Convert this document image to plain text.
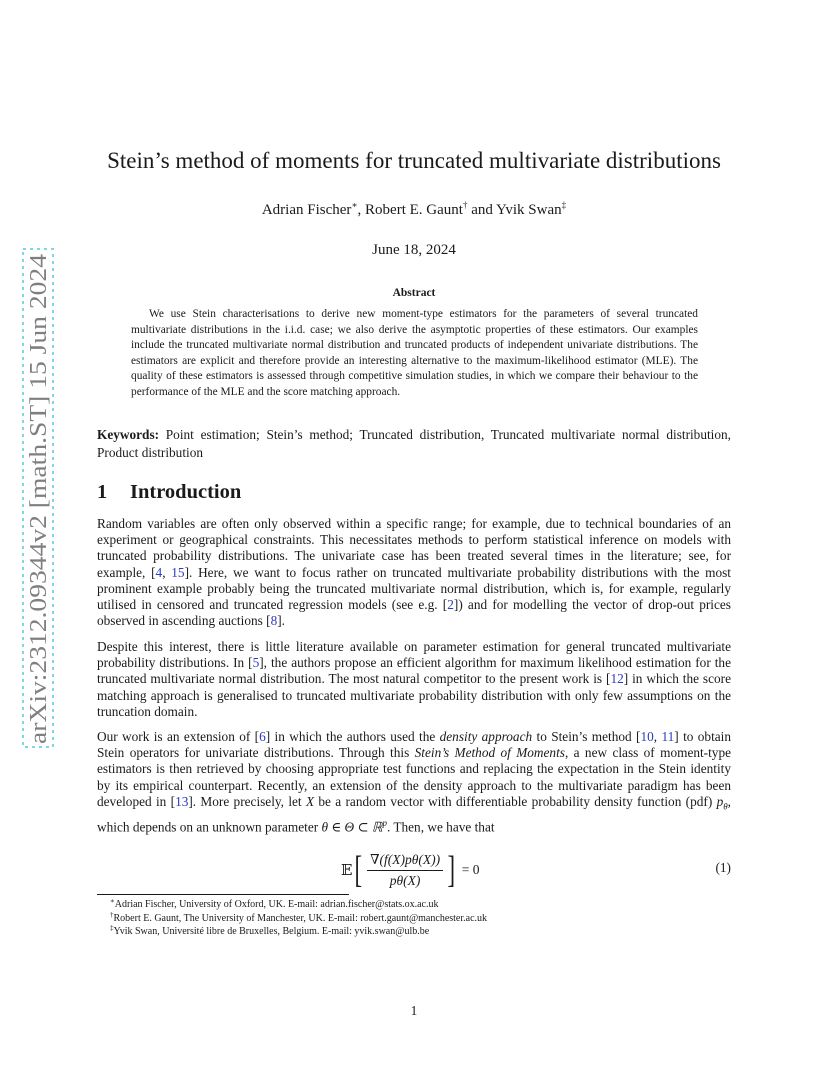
arXiv:2312.09344v2 [math.ST] 15 Jun 2024
Stein’s method of moments for truncated multivariate distributions
Adrian Fischer∗, Robert E. Gaunt† and Yvik Swan‡
June 18, 2024
Abstract
We use Stein characterisations to derive new moment-type estimators for the parameters of several truncated multivariate distributions in the i.i.d. case; we also derive the asymptotic properties of these estimators. Our examples include the truncated multivariate normal distribution and truncated products of independent univariate distributions. The estimators are explicit and therefore provide an interesting alternative to the maximum-likelihood estimator (MLE). The quality of these estimators is assessed through competitive simulation studies, in which we compare their behaviour to the performance of the MLE and the score matching approach.
Keywords: Point estimation; Stein’s method; Truncated distribution, Truncated multivariate normal distribution, Product distribution
1 Introduction

Random variables are often only observed within a specific range; for example, due to technical boundaries of an experiment or geographical constraints. This necessitates methods to perform statistical inference on models with truncated probability distributions. The univariate case has been treated several times in the literature; see, for example, [4, 15]. Here, we want to focus rather on truncated multivariate probability distributions with the most prominent example probably being the truncated multivariate normal distribution, which is, for example, regularly utilised in censored and truncated regression models (see e.g. [2]) and for modelling the vector of drop-out prices observed in ascending auctions [8].

Despite this interest, there is little literature available on parameter estimation for general truncated multivariate probability distributions. In [5], the authors propose an efficient algorithm for maximum likelihood estimation for the truncated multivariate normal distribution. The most natural competitor to the present work is [12] in which the score matching approach is generalised to truncated multivariate probability distribution with only few assumptions on the truncation domain.

Our work is an extension of [6] in which the authors used the density approach to Stein’s method [10, 11] to obtain Stein operators for univariate distributions. Through this Stein’s Method of Moments, a new class of moment-type estimators is then retrieved by choosing appropriate test functions and replacing the expectation in the Stein identity by its empirical counterpart. Recently, an extension of the density approach to the multivariate paradigm has been developed in [13]. More precisely, let X be a random vector with differentiable probability density function (pdf) $p_\theta$, which depends on an unknown parameter θ ∈ Θ ⊂ ℝ$^p$. Then, we have that

𝔼 [ $\frac{\nabla(f(X)p\theta(X))}{p\theta(X)}$ ] = 0	(1)
∗Adrian Fischer, University of Oxford, UK. E-mail: adrian.fischer@stats.ox.ac.uk
†Robert E. Gaunt, The University of Manchester, UK. E-mail: robert.gaunt@manchester.ac.uk
‡Yvik Swan, Université libre de Bruxelles, Belgium. E-mail: yvik.swan@ulb.be
1
